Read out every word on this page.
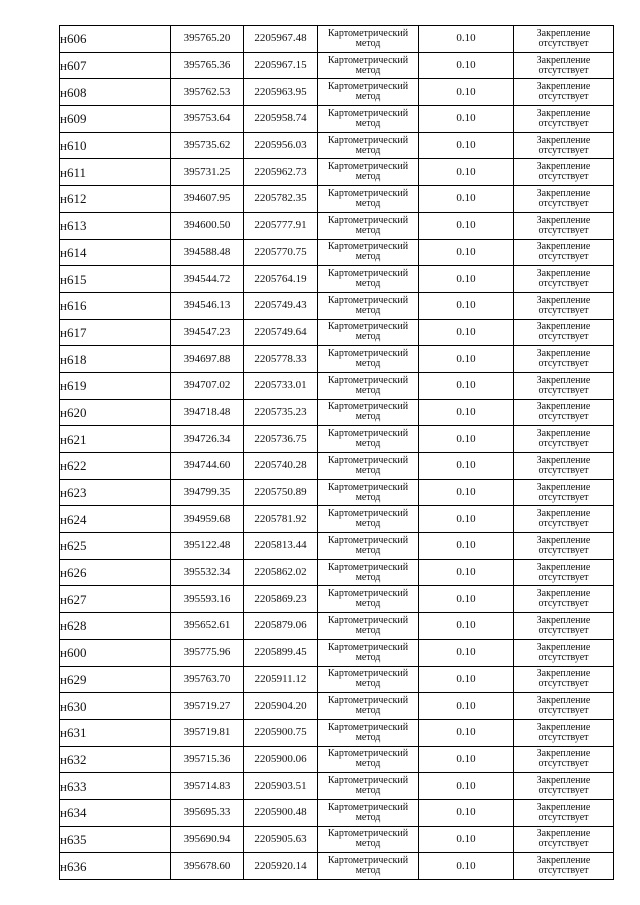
н606	395765.20	2205967.48	Картометрический метод	0.10	Закрепление отсутствует

н607	395765.36	2205967.15	Картометрический метод	0.10	Закрепление отсутствует

н608	395762.53	2205963.95	Картометрический метод	0.10	Закрепление отсутствует

н609	395753.64	2205958.74	Картометрический метод	0.10	Закрепление отсутствует

н610	395735.62	2205956.03	Картометрический метод	0.10	Закрепление отсутствует

н611	395731.25	2205962.73	Картометрический метод	0.10	Закрепление отсутствует

н612	394607.95	2205782.35	Картометрический метод	0.10	Закрепление отсутствует

н613	394600.50	2205777.91	Картометрический метод	0.10	Закрепление отсутствует

н614	394588.48	2205770.75	Картометрический метод	0.10	Закрепление отсутствует

н615	394544.72	2205764.19	Картометрический метод	0.10	Закрепление отсутствует

н616	394546.13	2205749.43	Картометрический метод	0.10	Закрепление отсутствует

н617	394547.23	2205749.64	Картометрический метод	0.10	Закрепление отсутствует

н618	394697.88	2205778.33	Картометрический метод	0.10	Закрепление отсутствует

н619	394707.02	2205733.01	Картометрический метод	0.10	Закрепление отсутствует

н620	394718.48	2205735.23	Картометрический метод	0.10	Закрепление отсутствует

н621	394726.34	2205736.75	Картометрический метод	0.10	Закрепление отсутствует

н622	394744.60	2205740.28	Картометрический метод	0.10	Закрепление отсутствует

н623	394799.35	2205750.89	Картометрический метод	0.10	Закрепление отсутствует

н624	394959.68	2205781.92	Картометрический метод	0.10	Закрепление отсутствует

н625	395122.48	2205813.44	Картометрический метод	0.10	Закрепление отсутствует

н626	395532.34	2205862.02	Картометрический метод	0.10	Закрепление отсутствует

н627	395593.16	2205869.23	Картометрический метод	0.10	Закрепление отсутствует

н628	395652.61	2205879.06	Картометрический метод	0.10	Закрепление отсутствует

н600	395775.96	2205899.45	Картометрический метод	0.10	Закрепление отсутствует

н629	395763.70	2205911.12	Картометрический метод	0.10	Закрепление отсутствует

н630	395719.27	2205904.20	Картометрический метод	0.10	Закрепление отсутствует

н631	395719.81	2205900.75	Картометрический метод	0.10	Закрепление отсутствует

н632	395715.36	2205900.06	Картометрический метод	0.10	Закрепление отсутствует

н633	395714.83	2205903.51	Картометрический метод	0.10	Закрепление отсутствует

н634	395695.33	2205900.48	Картометрический метод	0.10	Закрепление отсутствует

н635	395690.94	2205905.63	Картометрический метод	0.10	Закрепление отсутствует

н636	395678.60	2205920.14	Картометрический метод	0.10	Закрепление отсутствует
